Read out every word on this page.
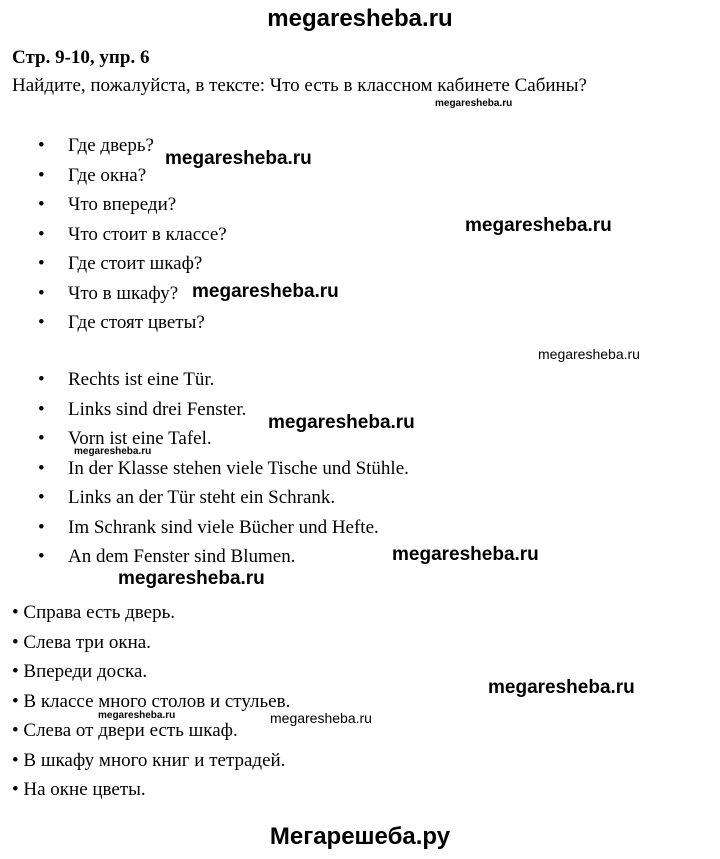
megaresheba.ru
Стр. 9-10, упр. 6
Найдите, пожалуйста, в тексте: Что есть в классном кабинете Сабины?
• Где дверь?
• Где окна?
• Что впереди?
• Что стоит в классе?
• Где стоит шкаф?
• Что в шкафу?
• Где стоят цветы?
• Rechts ist eine Tür.
• Links sind drei Fenster.
• Vorn ist eine Tafel.
• In der Klasse stehen viele Tische und Stühle.
• Links an der Tür steht ein Schrank.
• Im Schrank sind viele Bücher und Hefte.
• An dem Fenster sind Blumen.
• Справа есть дверь.
• Слева три окна.
• Впереди доска.
• В классе много столов и стульев.
• Слева от двери есть шкаф.
• В шкафу много книг и тетрадей.
• На окне цветы.
megaresheba.ru
megaresheba.ru
megaresheba.ru
megaresheba.ru
megaresheba.ru
megaresheba.ru
megaresheba.ru
megaresheba.ru
megaresheba.ru
megaresheba.ru
megaresheba.ru	megaresheba.ru
Мегарешеба.ру
